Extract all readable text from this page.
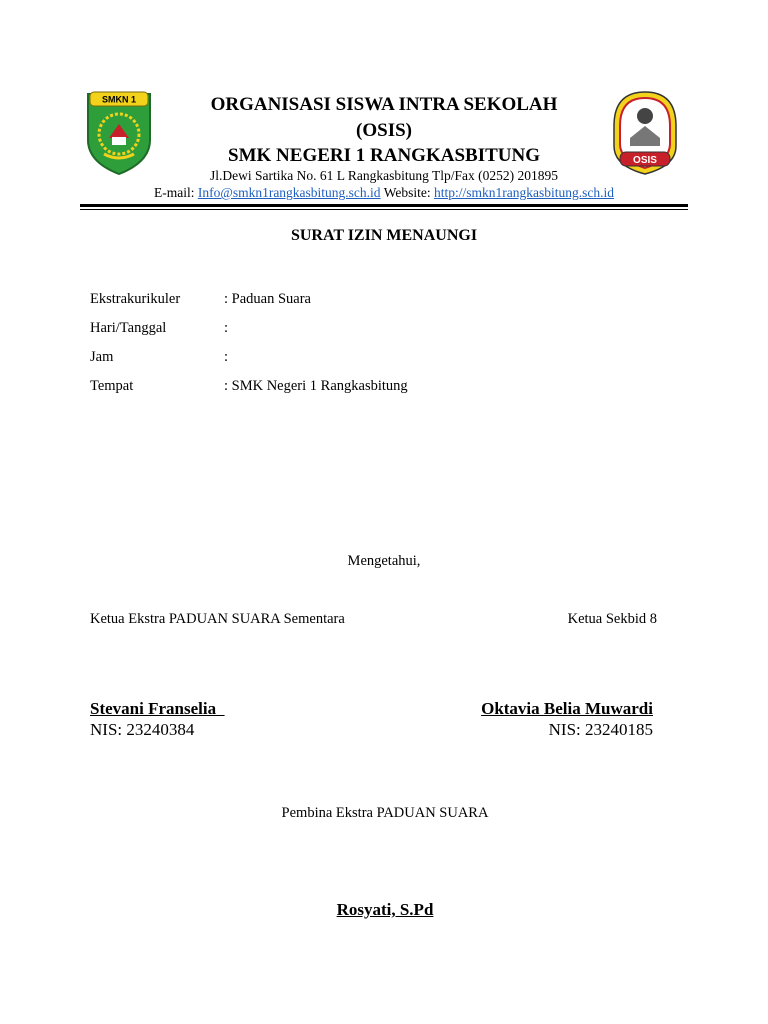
SMKN 1
OSIS
ORGANISASI SISWA INTRA SEKOLAH
(OSIS)
SMK NEGERI 1 RANGKASBITUNG
Jl.Dewi Sartika No. 61 L Rangkasbitung Tlp/Fax (0252) 201895
E-mail: Info@smkn1rangkasbitung.sch.id Website: http://smkn1rangkasbitung.sch.id
SURAT IZIN MENAUNGI
Ekstrakurikuler	: Paduan Suara
Hari/Tanggal	:
Jam	:
Tempat	: SMK Negeri 1 Rangkasbitung
Mengetahui,
Ketua Ekstra PADUAN SUARA Sementara	Ketua Sekbid 8
Stevani Franselia
NIS: 23240384
Oktavia Belia Muwardi
NIS: 23240185
Pembina Ekstra PADUAN SUARA
Rosyati, S.Pd
